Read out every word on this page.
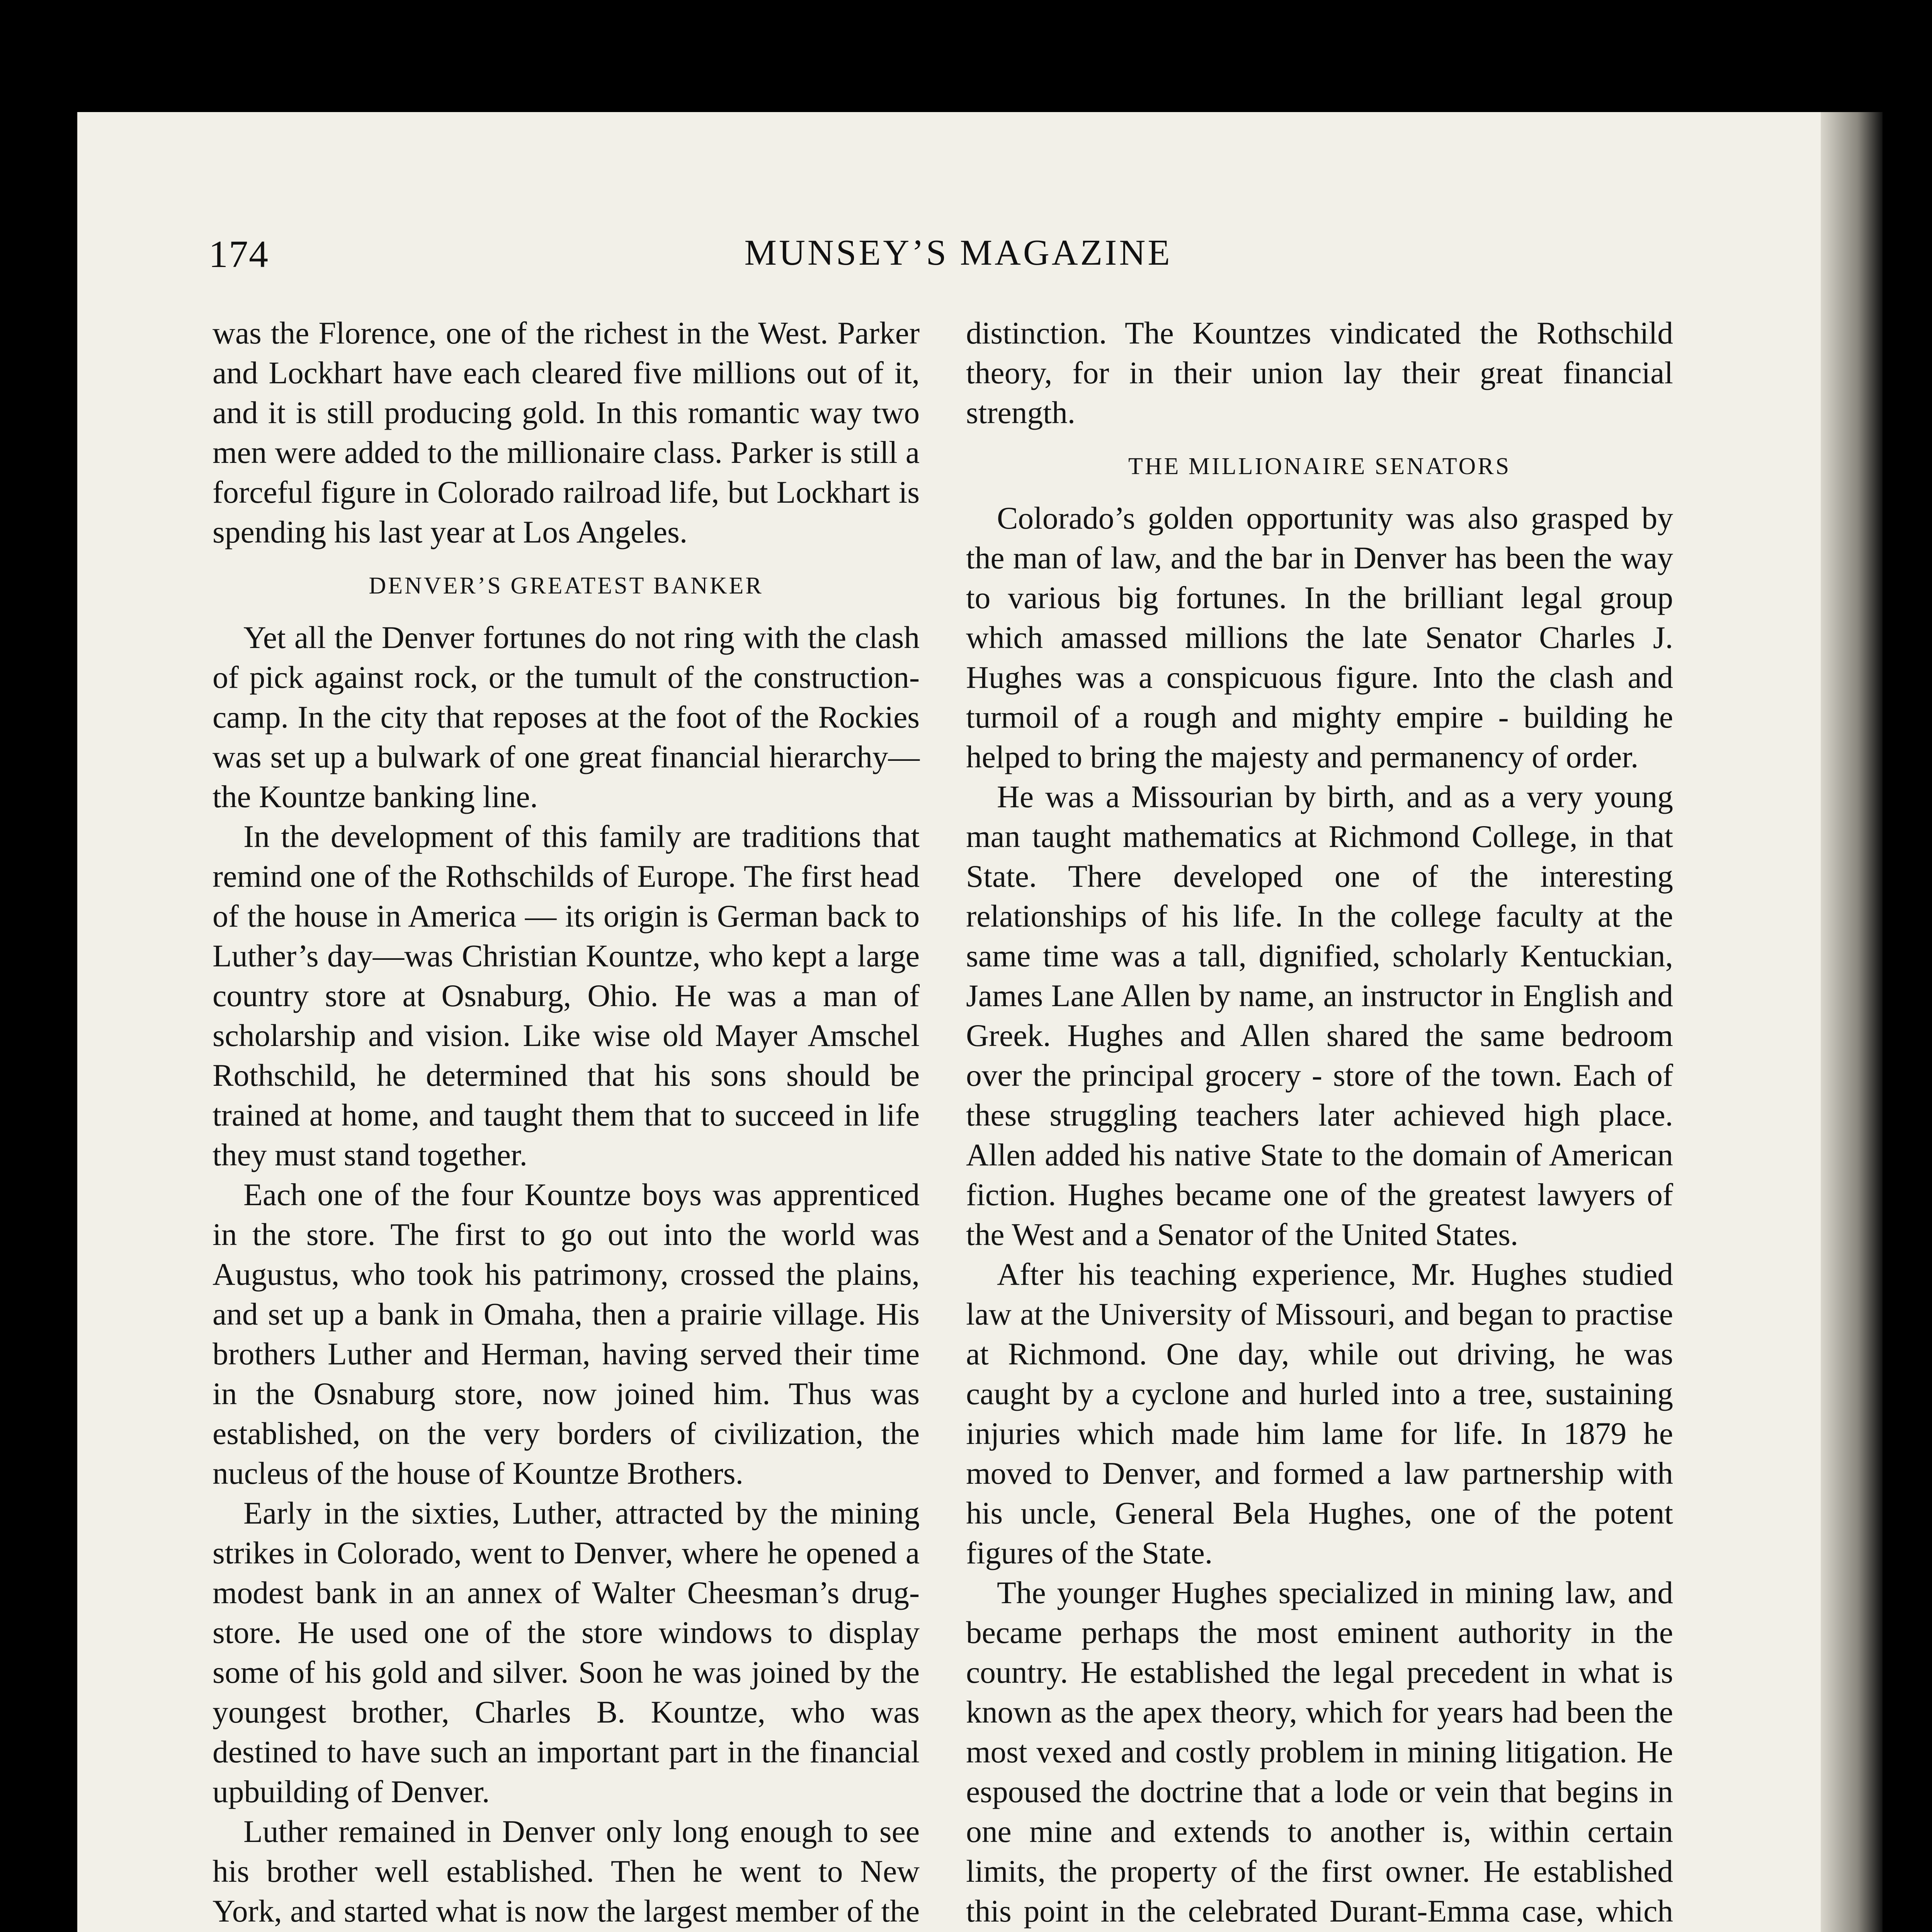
174	MUNSEY’S MAGAZINE

was the Florence, one of the richest in the West. Parker and Lockhart have each cleared five millions out of it, and it is still producing gold. In this romantic way two men were added to the millionaire class. Parker is still a forceful figure in Colorado railroad life, but Lockhart is spending his last year at Los Angeles.

DENVER’S GREATEST BANKER

Yet all the Denver fortunes do not ring with the clash of pick against rock, or the tumult of the construction-camp. In the city that reposes at the foot of the Rockies was set up a bulwark of one great financial hierarchy—the Kountze banking line.

In the development of this family are traditions that remind one of the Rothschilds of Europe. The first head of the house in America — its origin is German back to Luther’s day—was Christian Kountze, who kept a large country store at Osnaburg, Ohio. He was a man of scholarship and vision. Like wise old Mayer Amschel Rothschild, he determined that his sons should be trained at home, and taught them that to succeed in life they must stand together.

Each one of the four Kountze boys was apprenticed in the store. The first to go out into the world was Augustus, who took his patrimony, crossed the plains, and set up a bank in Omaha, then a prairie village. His brothers Luther and Herman, having served their time in the Osnaburg store, now joined him. Thus was established, on the very borders of civilization, the nucleus of the house of Kountze Brothers.

Early in the sixties, Luther, attracted by the mining strikes in Colorado, went to Denver, where he opened a modest bank in an annex of Walter Cheesman’s drug-store. He used one of the store windows to display some of his gold and silver. Soon he was joined by the youngest brother, Charles B. Kountze, who was destined to have such an important part in the financial upbuilding of Denver.

Luther remained in Denver only long enough to see his brother well established. Then he went to New York, and started what is now the largest member of the

distinction. The Kountzes vindicated the Rothschild theory, for in their union lay their great financial strength.

THE MILLIONAIRE SENATORS

Colorado’s golden opportunity was also grasped by the man of law, and the bar in Denver has been the way to various big fortunes. In the brilliant legal group which amassed millions the late Senator Charles J. Hughes was a conspicuous figure. Into the clash and turmoil of a rough and mighty empire - building he helped to bring the majesty and permanency of order.

He was a Missourian by birth, and as a very young man taught mathematics at Richmond College, in that State. There developed one of the interesting relationships of his life. In the college faculty at the same time was a tall, dignified, scholarly Kentuckian, James Lane Allen by name, an instructor in English and Greek. Hughes and Allen shared the same bedroom over the principal grocery - store of the town. Each of these struggling teachers later achieved high place. Allen added his native State to the domain of American fiction. Hughes became one of the greatest lawyers of the West and a Senator of the United States.

After his teaching experience, Mr. Hughes studied law at the University of Missouri, and began to practise at Richmond. One day, while out driving, he was caught by a cyclone and hurled into a tree, sustaining injuries which made him lame for life. In 1879 he moved to Denver, and formed a law partnership with his uncle, General Bela Hughes, one of the potent figures of the State.

The younger Hughes specialized in mining law, and became perhaps the most eminent authority in the country. He established the legal precedent in what is known as the apex theory, which for years had been the most vexed and costly problem in mining litigation. He espoused the doctrine that a lode or vein that begins in one mine and extends to another is, within certain limits, the property of the first owner. He established this point in the celebrated Durant-Emma case, which
